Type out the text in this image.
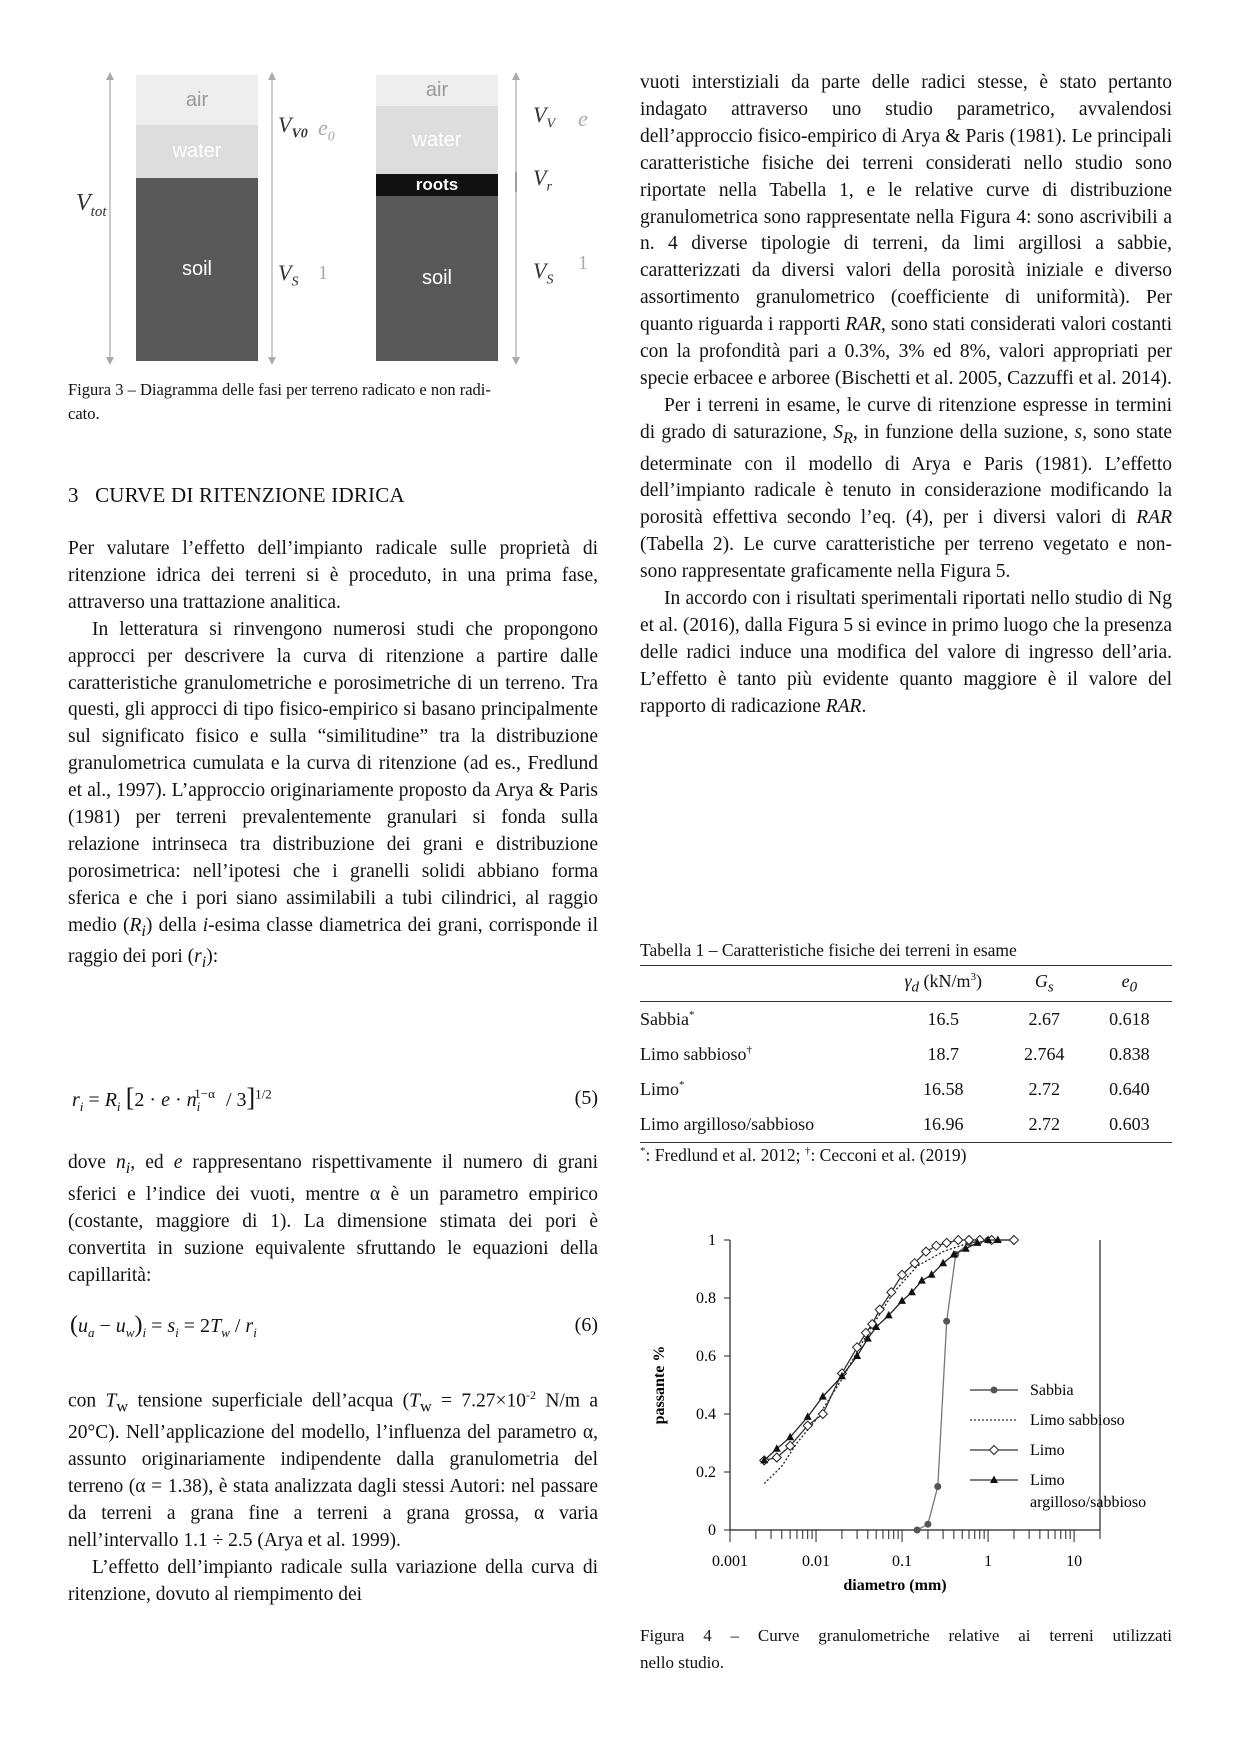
air
water
soil
air
water
roots
soil
$V_{tot}$
$V_{V0}$ $e_0$
$V_S$ 1
$V_V$ e
$V_r$
$V_S$
1
Figura 3 – Diagramma delle fasi per terreno radicato e non radi-
cato.
3 CURVE DI RITENZIONE IDRICA

Per valutare l’effetto dell’impianto radicale sulle proprietà di ritenzione idrica dei terreni si è proceduto, in una prima fase, attraverso una trattazione analitica.

In letteratura si rinvengono numerosi studi che propongono approcci per descrivere la curva di ritenzione a partire dalle caratteristiche granulometriche e porosimetriche di un terreno. Tra questi, gli approcci di tipo fisico-empirico si basano principalmente sul significato fisico e sulla “similitudine” tra la distribuzione granulometrica cumulata e la curva di ritenzione (ad es., Fredlund et al., 1997). L’approccio originariamente proposto da Arya & Paris (1981) per terreni prevalentemente granulari si fonda sulla relazione intrinseca tra distribuzione dei grani e distribuzione porosimetrica: nell’ipotesi che i granelli solidi abbiano forma sferica e che i pori siano assimilabili a tubi cilindrici, al raggio medio $(R_i)$ della i-esima classe diametrica dei grani, corrisponde il raggio dei pori $(r_i)$:

$r_i = R_i$ $[2 \cdot e \cdot n_i^{1-\alpha} / 3]^{1/2}$	(5)

dove $n_i$, ed e rappresentano rispettivamente il numero di grani sferici e l’indice dei vuoti, mentre α è un parametro empirico (costante, maggiore di 1). La dimensione stimata dei pori è convertita in suzione equivalente sfruttando le equazioni della capillarità:

$(u_a - u_w)_i = s_i = 2T_w / r_i$	(6)

con $T_w$ tensione superficiale dell’acqua ($T_w = 7.27\times 10^{-2}$ N/m a 20°C). Nell’applicazione del modello, l’influenza del parametro α, assunto originariamente indipendente dalla granulometria del terreno (α = 1.38), è stata analizzata dagli stessi Autori: nel passare da terreni a grana fine a terreni a grana grossa, α varia nell’intervallo 1.1 ÷ 2.5 (Arya et al. 1999).

L’effetto dell’impianto radicale sulla variazione della curva di ritenzione, dovuto al riempimento dei

vuoti interstiziali da parte delle radici stesse, è stato pertanto indagato attraverso uno studio parametrico, avvalendosi dell’approccio fisico-empirico di Arya & Paris (1981). Le principali caratteristiche fisiche dei terreni considerati nello studio sono riportate nella Tabella 1, e le relative curve di distribuzione granulometrica sono rappresentate nella Figura 4: sono ascrivibili a n. 4 diverse tipologie di terreni, da limi argillosi a sabbie, caratterizzati da diversi valori della porosità iniziale e diverso assortimento granulometrico (coefficiente di uniformità). Per quanto riguarda i rapporti RAR, sono stati considerati valori costanti con la profondità pari a 0.3%, 3% ed 8%, valori appropriati per specie erbacee e arboree (Bischetti et al. 2005, Cazzuffi et al. 2014).

Per i terreni in esame, le curve di ritenzione espresse in termini di grado di saturazione, $S_R$, in funzione della suzione, s, sono state determinate con il modello di Arya e Paris (1981). L’effetto dell’impianto radicale è tenuto in considerazione modificando la porosità effettiva secondo l’eq. (4), per i diversi valori di RAR (Tabella 2). Le curve caratteristiche per terreno vegetato e non- sono rappresentate graficamente nella Figura 5.

In accordo con i risultati sperimentali riportati nello studio di Ng et al. (2016), dalla Figura 5 si evince in primo luogo che la presenza delle radici induce una modifica del valore di ingresso dell’aria. L’effetto è tanto più evidente quanto maggiore è il valore del rapporto di radicazione RAR.

Tabella 1 – Caratteristiche fisiche dei terreni in esame
	$\gamma_d$ $(kN/m^3)$	$G_s$	$e_0$
Sabbia*	16.5	2.67	0.618
Limo sabbioso†	18.7	2.764	0.838
Limo*	16.58	2.72	0.640
Limo argilloso/sabbioso	16.96	2.72	0.603
*: Fredlund et al. 2012; †: Cecconi et al. (2019)
0
0.2
0.4
0.6
0.8
1
0.001	0.01	0.1	1	10
diametro (mm)
passante %	Sabbia
Limo sabbioso
Limo
Limo
argilloso/sabbioso
Figura 4 – Curve granulometriche relative ai terreni utilizzati
nello studio.
